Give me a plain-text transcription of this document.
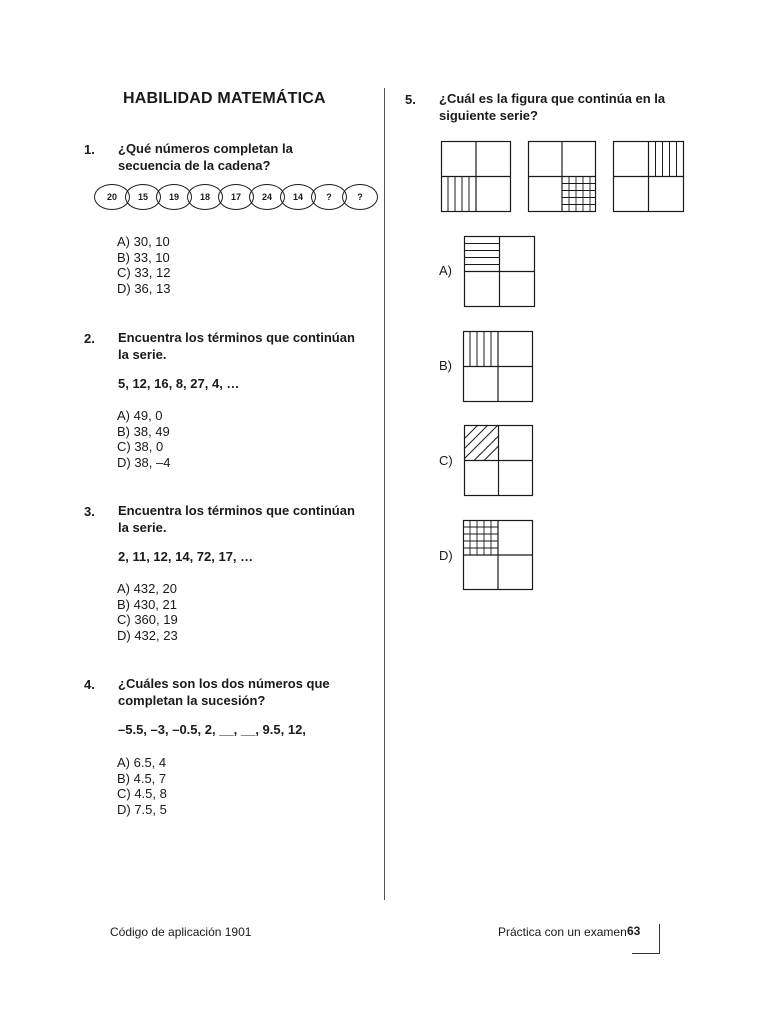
HABILIDAD MATEMÁTICA
1. ¿Qué números completan la secuencia de la cadena?
20	15	19	18	17	24	14	?	?
A) 30, 10
B) 33, 10
C) 33, 12
D) 36, 13
2. Encuentra los términos que continúan la serie.
5, 12, 16, 8, 27, 4, …
A) 49, 0
B) 38, 49
C) 38, 0
D) 38, –4
3. Encuentra los términos que continúan la serie.
2, 11, 12, 14, 72, 17, …
A) 432, 20
B) 430, 21
C) 360, 19
D) 432, 23
4. ¿Cuáles son los dos números que completan la sucesión?
–5.5, –3, –0.5, 2, __, __, 9.5, 12,
A) 6.5, 4
B) 4.5, 7
C) 4.5, 8
D) 7.5, 5
5. ¿Cuál es la figura que continúa en la siguiente serie?
A)
B)
C)
D)
Código de aplicación 1901	Práctica con un examen 63
